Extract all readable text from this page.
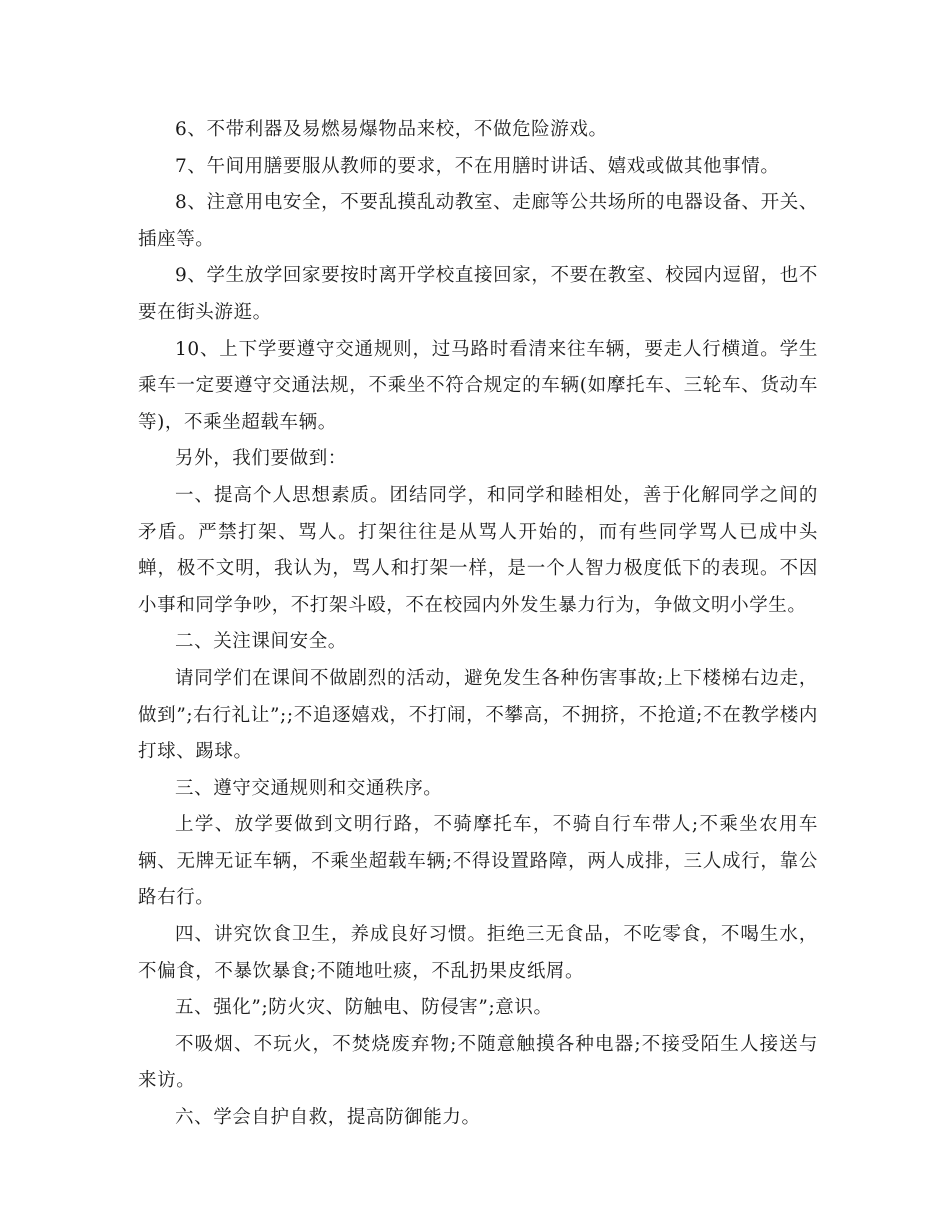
6、不带利器及易燃易爆物品来校，不做危险游戏。

7、午间用膳要服从教师的要求，不在用膳时讲话、嬉戏或做其他事情。

8、注意用电安全，不要乱摸乱动教室、走廊等公共场所的电器设备、开关、插座等。

9、学生放学回家要按时离开学校直接回家，不要在教室、校园内逗留，也不要在街头游逛。

10、上下学要遵守交通规则，过马路时看清来往车辆，要走人行横道。学生乘车一定要遵守交通法规，不乘坐不符合规定的车辆(如摩托车、三轮车、货动车等)，不乘坐超载车辆。

另外，我们要做到：

一、提高个人思想素质。团结同学，和同学和睦相处，善于化解同学之间的矛盾。严禁打架、骂人。打架往往是从骂人开始的，而有些同学骂人已成中头蝉，极不文明，我认为，骂人和打架一样，是一个人智力极度低下的表现。不因小事和同学争吵，不打架斗殴，不在校园内外发生暴力行为，争做文明小学生。

二、关注课间安全。

请同学们在课间不做剧烈的活动，避免发生各种伤害事故;上下楼梯右边走，做到”;右行礼让”;;不追逐嬉戏，不打闹，不攀高，不拥挤，不抢道;不在教学楼内打球、踢球。

三、遵守交通规则和交通秩序。

上学、放学要做到文明行路，不骑摩托车，不骑自行车带人;不乘坐农用车辆、无牌无证车辆，不乘坐超载车辆;不得设置路障，两人成排，三人成行，靠公路右行。

四、讲究饮食卫生，养成良好习惯。拒绝三无食品，不吃零食，不喝生水，不偏食，不暴饮暴食;不随地吐痰，不乱扔果皮纸屑。

五、强化”;防火灾、防触电、防侵害”;意识。

不吸烟、不玩火，不焚烧废弃物;不随意触摸各种电器;不接受陌生人接送与来访。

六、学会自护自救，提高防御能力。
